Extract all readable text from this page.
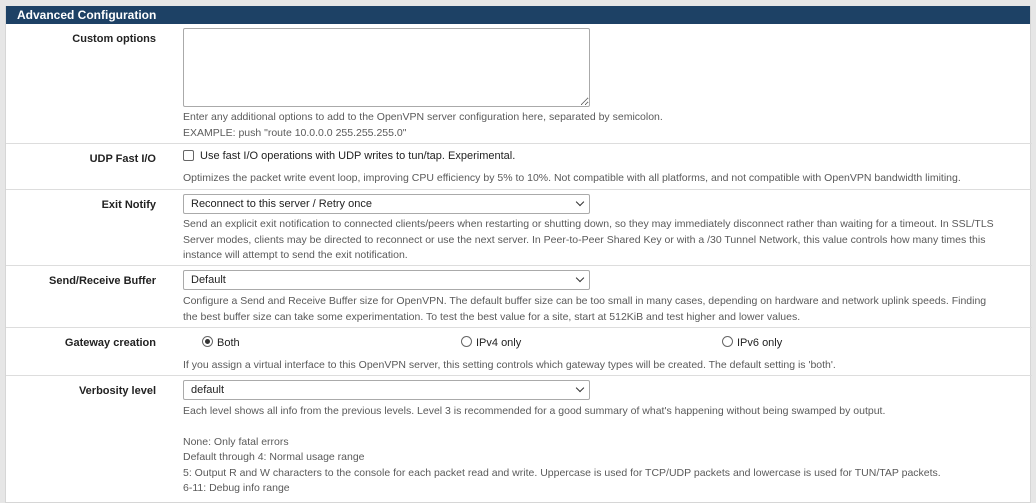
Advanced Configuration
Custom options
Enter any additional options to add to the OpenVPN server configuration here, separated by semicolon.
EXAMPLE: push "route 10.0.0.0 255.255.255.0"
UDP Fast I/O	Use fast I/O operations with UDP writes to tun/tap. Experimental.
Optimizes the packet write event loop, improving CPU efficiency by 5% to 10%. Not compatible with all platforms, and not compatible with OpenVPN bandwidth limiting.
Exit Notify	Reconnect to this server / Retry once
Send an explicit exit notification to connected clients/peers when restarting or shutting down, so they may immediately disconnect rather than waiting for a timeout. In SSL/TLS
Server modes, clients may be directed to reconnect or use the next server. In Peer-to-Peer Shared Key or with a /30 Tunnel Network, this value controls how many times this
instance will attempt to send the exit notification.
Send/Receive Buffer	Default
Configure a Send and Receive Buffer size for OpenVPN. The default buffer size can be too small in many cases, depending on hardware and network uplink speeds. Finding
the best buffer size can take some experimentation. To test the best value for a site, start at 512KiB and test higher and lower values.
Gateway creation	Both	IPv4 only	IPv6 only
If you assign a virtual interface to this OpenVPN server, this setting controls which gateway types will be created. The default setting is 'both'.
Verbosity level	default
Each level shows all info from the previous levels. Level 3 is recommended for a good summary of what's happening without being swamped by output.
None: Only fatal errors
Default through 4: Normal usage range
5: Output R and W characters to the console for each packet read and write. Uppercase is used for TCP/UDP packets and lowercase is used for TUN/TAP packets.
6-11: Debug info range
